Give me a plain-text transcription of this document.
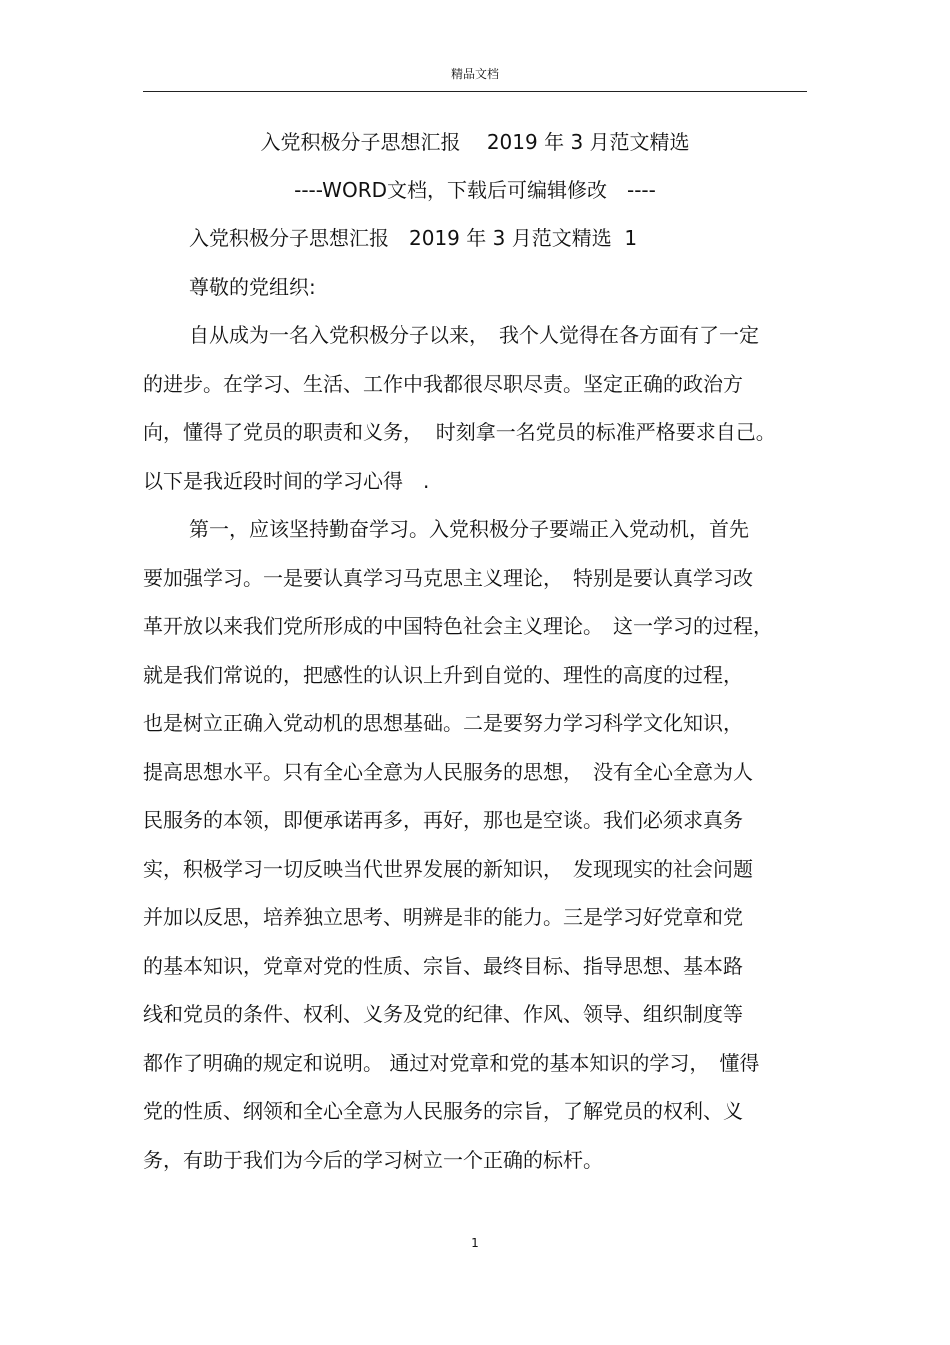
精品文档
入党积极分子思想汇报　 2019 年 3 月范文精选
----WORD文档，下载后可编辑修改　----
入党积极分子思想汇报　2019 年 3 月范文精选  1
尊敬的党组织:
自从成为一名入党积极分子以来，　我个人觉得在各方面有了一定
的进步。在学习、生活、工作中我都很尽职尽责。坚定正确的政治方
向，懂得了党员的职责和义务，  时刻拿一名党员的标准严格要求自己。
以下是我近段时间的学习心得　.
第一，应该坚持勤奋学习。入党积极分子要端正入党动机，首先
要加强学习。一是要认真学习马克思主义理论，　特别是要认真学习改
革开放以来我们党所形成的中国特色社会主义理论。　这一学习的过程，
就是我们常说的，把感性的认识上升到自觉的、理性的高度的过程，
也是树立正确入党动机的思想基础。二是要努力学习科学文化知识，
提高思想水平。只有全心全意为人民服务的思想，　没有全心全意为人
民服务的本领，即便承诺再多，再好，那也是空谈。我们必须求真务
实，积极学习一切反映当代世界发展的新知识，　发现现实的社会问题
并加以反思，培养独立思考、明辨是非的能力。三是学习好党章和党
的基本知识，党章对党的性质、宗旨、最终目标、指导思想、基本路
线和党员的条件、权利、义务及党的纪律、作风、领导、组织制度等
都作了明确的规定和说明。 通过对党章和党的基本知识的学习，　懂得
党的性质、纲领和全心全意为人民服务的宗旨，了解党员的权利、义
务，有助于我们为今后的学习树立一个正确的标杆。
1
